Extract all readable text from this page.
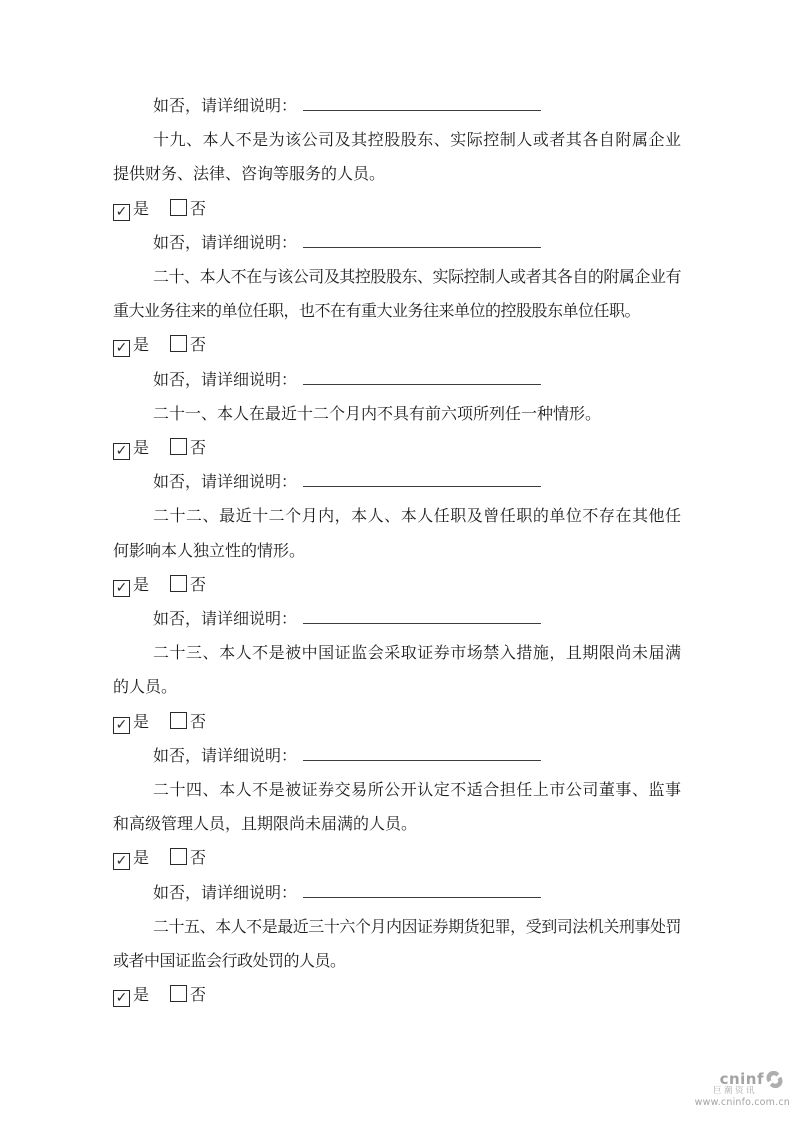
如否，请详细说明：

十九、本人不是为该公司及其控股股东、实际控制人或者其各自附属企业提供财务、法律、咨询等服务的人员。

✓ 是	否

如否，请详细说明：

二十、本人不在与该公司及其控股股东、实际控制人或者其各自的附属企业有重大业务往来的单位任职，也不在有重大业务往来单位的控股股东单位任职。

✓ 是	否

如否，请详细说明：

二十一、本人在最近十二个月内不具有前六项所列任一种情形。

✓ 是	否

如否，请详细说明：

二十二、最近十二个月内，本人、本人任职及曾任职的单位不存在其他任何影响本人独立性的情形。

✓ 是	否

如否，请详细说明：

二十三、本人不是被中国证监会采取证券市场禁入措施，且期限尚未届满的人员。

✓ 是	否

如否，请详细说明：

二十四、本人不是被证券交易所公开认定不适合担任上市公司董事、监事和高级管理人员，且期限尚未届满的人员。

✓ 是	否

如否，请详细说明：

二十五、本人不是最近三十六个月内因证券期货犯罪，受到司法机关刑事处罚或者中国证监会行政处罚的人员。

✓ 是	否

cninf
巨潮资讯
www.cninfo.com.cn
